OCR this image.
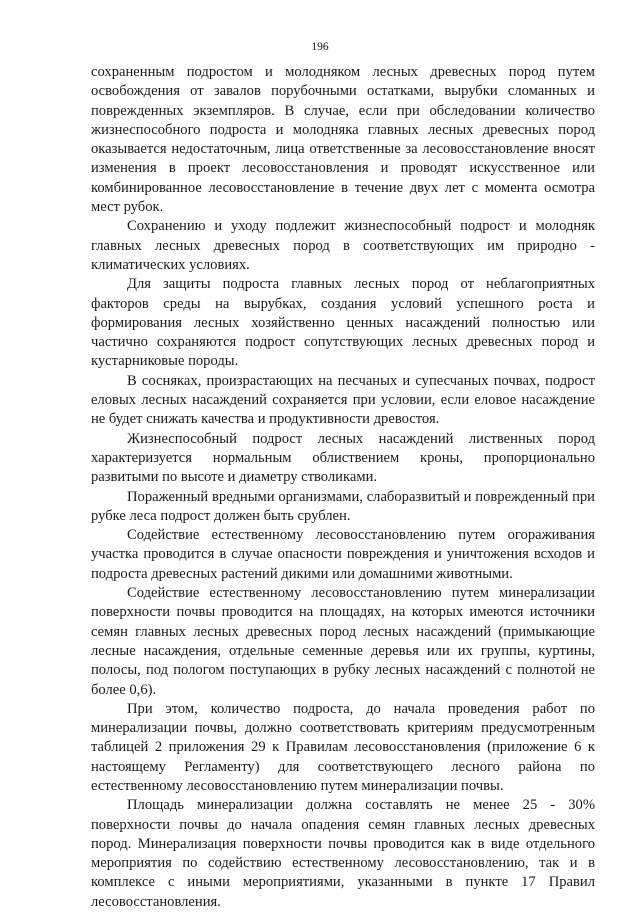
196

сохраненным подростом и молодняком лесных древесных пород путем освобождения от завалов порубочными остатками, вырубки сломанных и поврежденных экземпляров. В случае, если при обследовании количество жизнеспособного подроста и молодняка главных лесных древесных пород оказывается недостаточным, лица ответственные за лесовосстановление вносят изменения в проект лесовосстановления и проводят искусственное или комбинированное лесовосстановление в течение двух лет с момента осмотра мест рубок.

Сохранению и уходу подлежит жизнеспособный подрост и молодняк главных лесных древесных пород в соответствующих им природно - климатических условиях.

Для защиты подроста главных лесных пород от неблагоприятных факторов среды на вырубках, создания условий успешного роста и формирования лесных хозяйственно ценных насаждений полностью или частично сохраняются подрост сопутствующих лесных древесных пород и кустарниковые породы.

В сосняках, произрастающих на песчаных и супесчаных почвах, подрост еловых лесных насаждений сохраняется при условии, если еловое насаждение не будет снижать качества и продуктивности древостоя.

Жизнеспособный подрост лесных насаждений лиственных пород характеризуется нормальным облиствением кроны, пропорционально развитыми по высоте и диаметру стволиками.

Пораженный вредными организмами, слаборазвитый и поврежденный при рубке леса подрост должен быть срублен.

Содействие естественному лесовосстановлению путем огораживания участка проводится в случае опасности повреждения и уничтожения всходов и подроста древесных растений дикими или домашними животными.

Содействие естественному лесовосстановлению путем минерализации поверхности почвы проводится на площадях, на которых имеются источники семян главных лесных древесных пород лесных насаждений (примыкающие лесные насаждения, отдельные семенные деревья или их группы, куртины, полосы, под пологом поступающих в рубку лесных насаждений с полнотой не более 0,6).

При этом, количество подроста, до начала проведения работ по минерализации почвы, должно соответствовать критериям предусмотренным таблицей 2 приложения 29 к Правилам лесовосстановления (приложение 6 к настоящему Регламенту) для соответствующего лесного района по естественному лесовосстановлению путем минерализации почвы.

Площадь минерализации должна составлять не менее 25 - 30% поверхности почвы до начала опадения семян главных лесных древесных пород. Минерализация поверхности почвы проводится как в виде отдельного мероприятия по содействию естественному лесовосстановлению, так и в комплексе с иными мероприятиями, указанными в пункте 17 Правил лесовосстановления.
